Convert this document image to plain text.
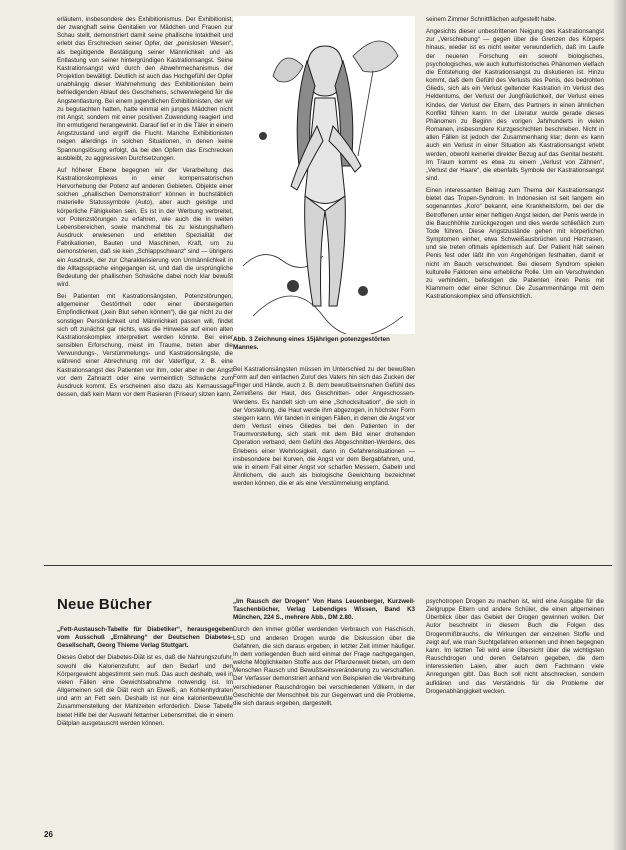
erläutern, insbesondere des Exhibitionismus. Der Exhibitionist, der zwanghaft seine Genitalien vor Mädchen und Frauen zur Schau stellt, demonstriert damit seine phallische Intaktheit und erlebt das Erschrecken seiner Opfer, der „penislosen Wesen“, als begütigende Bestätigung seiner Männlichkeit und als Entlastung von seiner hintergründigen Kastrationsangst. Seine Kastrationsangst wird durch den Abwehrmechanismus der Projektion bewältigt. Deutlich ist auch das Hochgefühl der Opfer unabhängig dieser Wahrnehmung des Exhibitionisten beim befriedigenden Ablauf des Geschehens, schwerwiegend für die Angstentlastung. Bei einem jugendlichen Exhibitionisten, der wir zu begutachten hatten, hatte einmal ein junges Mädchen nicht mit Angst, sondern mit einer positiven Zuwendung reagiert und ihn ermutigend herangewinkt. Darauf lief er in die Täler in einem Angstzustand und ergriff die Flucht. Manche Exhibitionisten neigen allerdings in solchen Situationen, in denen keine Spannungslösung erfolgt, da bei den Opfern das Erschrecken ausbleibt, zu aggressiven Durchsetzungen.

Auf höherer Ebene begegnen wir der Verarbeitung des Kastrationskomplexes in einer kompensatorischen Hervorhebung der Potenz auf anderen Gebieten. Objekte einer solchen „phallischen Demonstration“ können in buchstäblich materielle Statussymbole (Auto), aber auch geistige und körperliche Fähigkeiten sein. Es ist in der Werbung verbreitet, vor Potenzstörungen zu erfahren, wie auch die in weiten Lebensbereichen, sowie manchmal bis zu leistungshaftem Ausdruck erwiesenen und erlebten Spezialität der Fabrikationen, Bauten und Maschinen, Kraft, um zu demonstrieren, daß sie kein „Schlappschwanz“ sind — übrigens ein Ausdruck, der zur Charakterisierung von Unmännlichkeit in die Alltagssprache eingegangen ist, und daß die ursprüngliche Bedeutung der phallischen Schwäche dabei noch klar bewußt wird.

Bei Patienten mit Kastrationsängsten, Potenzstörungen, allgemeiner Gestörtheit oder einer übersteigerten Empfindlichkeit („kein Blut sehen können“), die gar nicht zu der sonstigen Persönlichkeit und Männlichkeit passen will, findet sich oft zunächst gar nichts, was die Hinweise auf einen alten Kastrationskomplex interpretiert werden könnte. Bei einer sensiblen Erforschung, meist im Traume, treten aber die Verwundungs-, Verstümmelungs- und Kastrationsängste, die während einer Abrechnung mit der Vaterfigur, z. B. eine Kastrationsangst des Patienten vor ihm, oder aber in der Angst vor dem Zahnarzt oder eine vermeintlich Schwäche zum Ausdruck kommt. Es erscheinen also dazu als Kernaussage dessen, daß kein Mann vor dem Rasieren (Friseur) sitzen kann.

Abb. 3 Zeichnung eines 15jährigen potenzgestörten Mannes.

Bei Kastrationsängsten müssen im Unterschied zu der bewußten Form auf den einfachen Zuruf des Vaters hin sich das Zucken der Finger und Hände, auch z. B. dem bewußtseinsnahen Gefühl des Zerreißens der Haut, des Geschnitten- oder Angeschossen-Werdens. Es handelt sich um eine „Schocksituation“, die sich in der Vorstellung, die Haut werde ihm abgezogen, in höchster Form steigern kann. Wir fanden in einigen Fällen, in denen die Angst vor dem Verlust eines Gliedes bei den Patienten in der Traumvorstellung, sich stark mit dem Bild einer drohenden Operation verband, dem Gefühl des Abgeschnitten-Werdens, des Erlebens einer Wehrlosigkeit, dann in Gefahrensituationen — insbesondere bei Kurven, die Angst vor dem Bergabfahren, und, wie in einem Fall einer Angst vor scharfen Messern, Gabeln und Ähnlichem, die auch als biologische Gewichtung bezeichnet werden können, die er als eine Verstümmelung empfand.

seinem Zimmer Schnittflächen aufgestellt habe.

Angesichts dieser unbestrittenen Neigung des Kastrationsangst zur „Verschiebung“ — gegen über die Grenzen des Körpers hinaus, wieder ist es nicht weiter verwunderlich, daß im Laufe der neueren Forschung ein sowohl biologisches, psychologisches, wie auch kulturhistorisches Phänomen vielfach die Entstehung der Kastrationsangst zu diskutieren ist. Hinzu kommt, daß dem Gefühl des Verlusts des Penis, des bedrohten Glieds, sich als ein Verlust geltender Kastration im Verlust des Heldentums, der Verlust der Jungfräulichkeit, der Verlust eines Kindes, der Verlust der Eltern, des Partners in einen ähnlichen Konflikt führen kann. In der Literatur wurde gerade dieses Phänomen zu Beginn des vorigen Jahrhunderts in vielen Romanen, insbesondere Kurzgeschichten beschrieben. Nicht in allen Fällen ist jedoch der Zusammenhang klar; denn es kann auch ein Verlust in einer Situation als Kastrationsangst erlebt werden, obwohl keinerlei direkter Bezug auf das Genital besteht. Im Traum kommt es etwa zu einem „Verlust von Zähnen“, „Verlust der Haare“, die ebenfalls Symbole der Kastrationsangst sind.

Einen interessanten Beitrag zum Thema der Kastrationsangst bietet das Tropen-Syndrom. In Indonesien ist seit langem ein sogenanntes „Koro“ bekannt, eine Krankheitsform, bei der die Betroffenen unter einer heftigen Angst leiden, der Penis werde in die Bauchhöhle zurückgezogen und dies werde schließlich zum Tode führen. Diese Angstzustände gehen mit körperlichen Symptomen einher, etwa Schweißausbrüchen und Herzrasen, und sie treten oftmals epidemisch auf. Der Patient hält seinen Penis fest oder läßt ihn von Angehörigen festhalten, damit er nicht im Bauch verschwindet. Bei diesem Syndrom spielen kulturelle Faktoren eine erhebliche Rolle. Um ein Verschwinden zu verhindern, befestigen die Patienten ihren Penis mit Klammern oder einer Schnur. Die Zusammenhänge mit dem Kastrationskomplex sind offensichtlich.

Neue Bücher

„Fett-Austausch-Tabelle für Diabetiker“, herausgegeben vom Ausschuß „Ernährung“ der Deutschen Diabetes-Gesellschaft, Georg Thieme Verlag Stuttgart.

Dieses Gebot der Diabetes-Diät ist es, daß die Nahrungszufuhr, sowohl die Kalorienzufuhr, auf den Bedarf und den Körpergewicht abgestimmt sein muß. Das auch deshalb, weil in vielen Fällen eine Gewichtsabnahme notwendig ist. Im Allgemeinen soll die Diät reich an Eiweiß, an Kohlenhydraten und arm an Fett sein. Deshalb ist nur eine kalorienbewußte Zusammenstellung der Mahlzeiten erforderlich. Diese Tabelle bietet Hilfe bei der Auswahl fettarmer Lebensmittel, die in einem Diätplan ausgetauscht werden können.

„Im Rausch der Drogen“ Von Hans Leuenberger, Kurzweil-Taschenbücher, Verlag Lebendiges Wissen, Band K3 München, 224 S., mehrere Abb., DM 2.80.

Durch den immer größer werdenden Verbrauch von Haschisch, LSD und anderen Drogen wurde die Diskussion über die Gefahren, die sich daraus ergeben, in letzter Zeit immer häufiger. In dem vorliegenden Buch wird einmal der Frage nachgegangen, welche Möglichkeiten Stoffe aus der Pflanzenwelt bieten, um dem Menschen Rausch und Bewußtseinsveränderung zu verschaffen. Der Verfasser demonstriert anhand von Beispielen die Verbreitung verschiedener Rauschdrogen bei verschiedenen Völkern, in der Geschichte der Menschheit bis zur Gegenwart und die Probleme, die sich daraus ergeben, dargestellt.

psychotropen Drogen zu machen ist, wird eine Ausgabe für die Zielgruppe Eltern und andere Schüler, die einen allgemeinen Überblick über das Gebiet der Drogen gewinnen wollen. Der Autor beschreibt in diesem Buch die Folgen des Drogenmißbrauchs, die Wirkungen der einzelnen Stoffe und zeigt auf, wie man Suchtgefahren erkennen und ihnen begegnen kann. Im letzten Teil wird eine Übersicht über die wichtigsten Rauschdrogen und deren Gefahren gegeben, die dem interessierten Laien, aber auch dem Fachmann viele Anregungen gibt. Das Buch soll nicht abschrecken, sondern aufklären und das Verständnis für die Probleme der Drogenabhängigkeit wecken.

26
